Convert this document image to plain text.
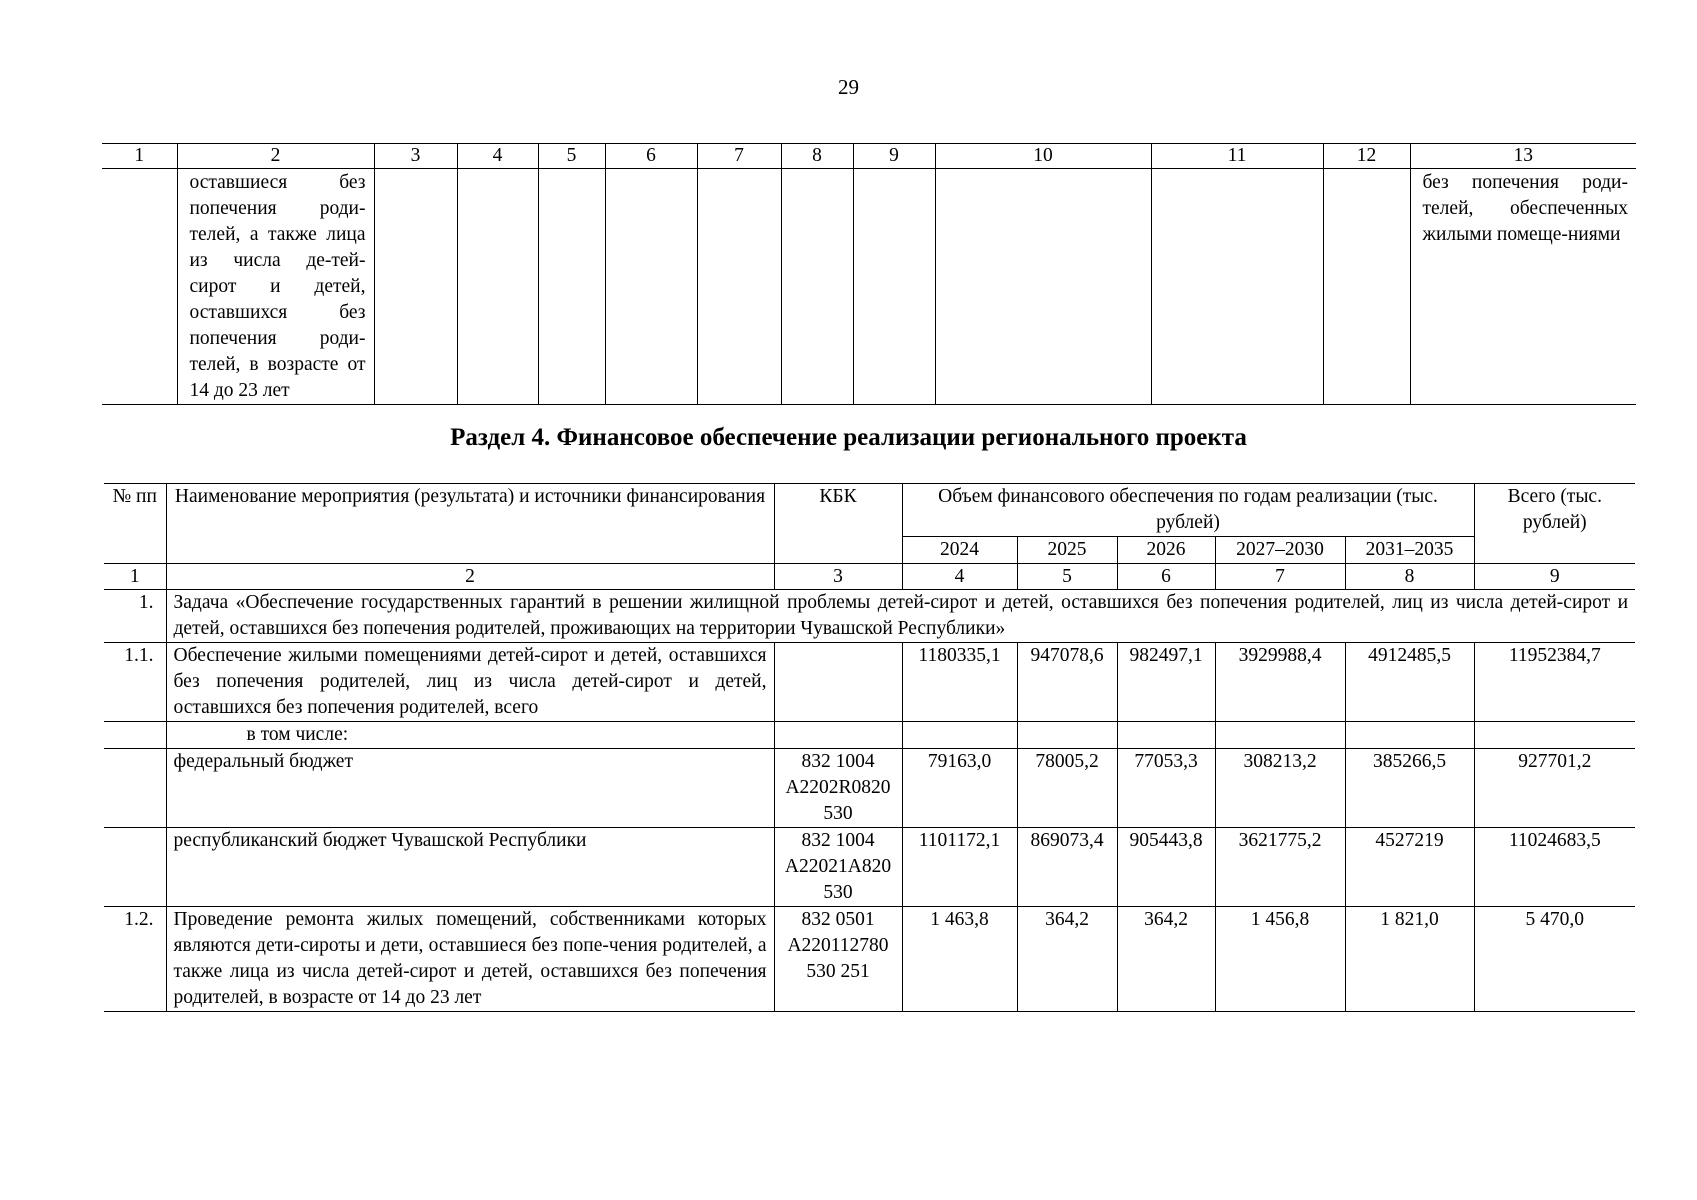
29
1	2	3	4	5	6	7	8	9	10	11	12	13
	оставшиеся без попечения роди-телей, а также лица из числа де-тей-сирот и детей, оставшихся без попечения роди-телей, в возрасте от 14 до 23 лет											без попечения роди-телей, обеспеченных жилыми помеще-ниями
Раздел 4. Финансовое обеспечение реализации регионального проекта
№ пп	Наименование мероприятия (результата) и источники финансирования	КБК	Объем финансового обеспечения по годам реализации (тыс. рублей)					Всего (тыс. рублей)
			2024	2025	2026	2027–2030	2031–2035	
1	2	3	4	5	6	7	8	9
1.	Задача «Обеспечение государственных гарантий в решении жилищной проблемы детей-сирот и детей, оставшихся без попечения родителей, лиц из числа детей-сирот и детей, оставшихся без попечения родителей, проживающих на территории Чувашской Республики»							
1.1.	Обеспечение жилыми помещениями детей-сирот и детей, оставшихся без попечения родителей, лиц из числа детей-сирот и детей, оставшихся без попечения родителей, всего		1180335,1	947078,6	982497,1	3929988,4	4912485,5	11952384,7
	в том числе:							
	федеральный бюджет	832 1004 A2202R0820 530	79163,0	78005,2	77053,3	308213,2	385266,5	927701,2
	республиканский бюджет Чувашской Республики	832 1004 A22021A820 530	1101172,1	869073,4	905443,8	3621775,2	4527219	11024683,5
1.2.	Проведение ремонта жилых помещений, собственниками которых являются дети-сироты и дети, оставшиеся без попе-чения родителей, а также лица из числа детей-сирот и детей, оставшихся без попечения родителей, в возрасте от 14 до 23 лет	832 0501 A220112780 530 251	1 463,8	364,2	364,2	1 456,8	1 821,0	5 470,0
